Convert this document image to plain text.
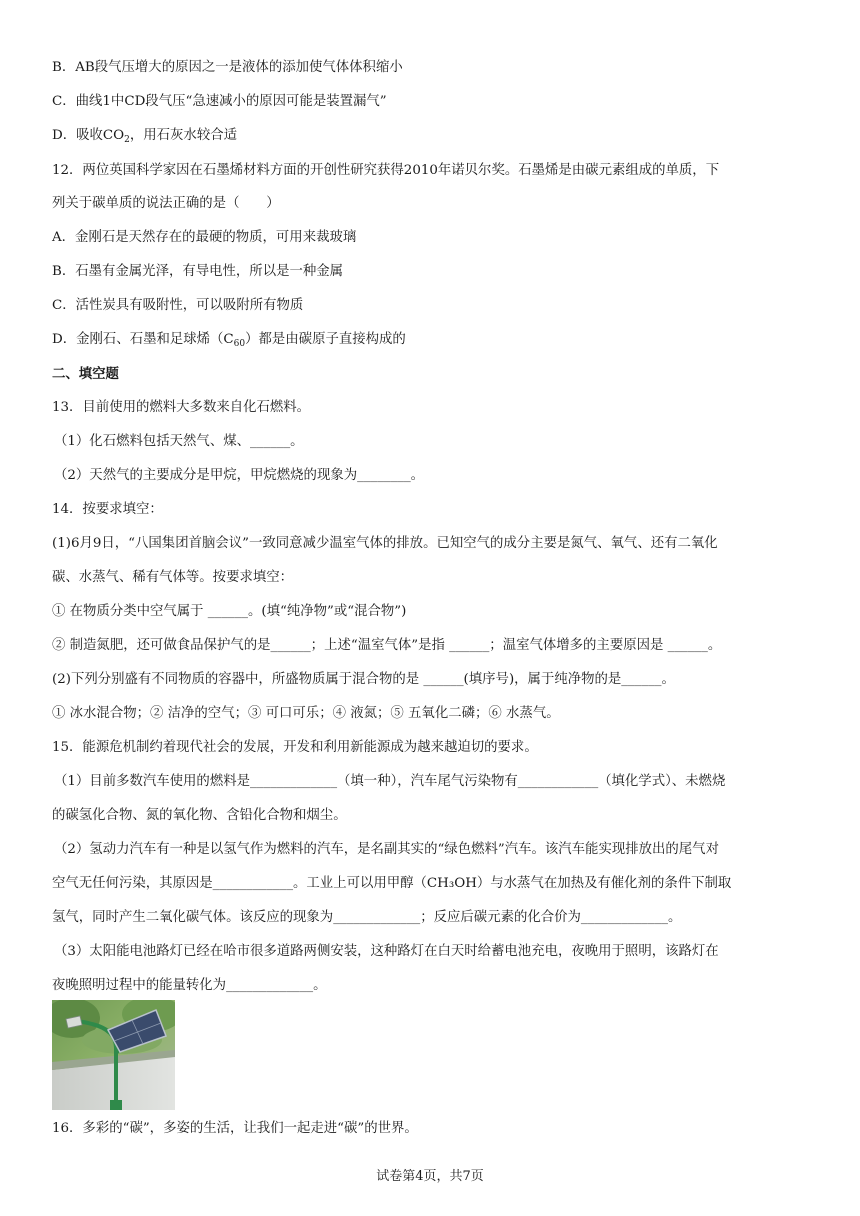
B．AB段气压增大的原因之一是液体的添加使气体体积缩小
C．曲线1中CD段气压“急速减小的原因可能是装置漏气”
D．吸收$CO_2$，用石灰水较合适
12．两位英国科学家因在石墨烯材料方面的开创性研究获得2010年诺贝尔奖。石墨烯是由碳元素组成的单质，下
列关于碳单质的说法正确的是（　　）
A．金刚石是天然存在的最硬的物质，可用来裁玻璃
B．石墨有金属光泽，有导电性，所以是一种金属
C．活性炭具有吸附性，可以吸附所有物质
D．金刚石、石墨和足球烯$(C_{60})$都是由碳原子直接构成的
二、填空题
13．目前使用的燃料大多数来自化石燃料。
（1）化石燃料包括天然气、煤、______。
（2）天然气的主要成分是甲烷，甲烷燃烧的现象为________。
14．按要求填空：
(1)6月9日，“八国集团首脑会议”一致同意减少温室气体的排放。已知空气的成分主要是氮气、氧气、还有二氧化
碳、水蒸气、稀有气体等。按要求填空：
① 在物质分类中空气属于 ______。(填“纯净物”或“混合物”)
② 制造氮肥，还可做食品保护气的是______；上述“温室气体”是指 ______；温室气体增多的主要原因是 ______。
(2)下列分别盛有不同物质的容器中，所盛物质属于混合物的是 ______(填序号)，属于纯净物的是______。
① 冰水混合物；② 洁净的空气；③ 可口可乐；④ 液氮；⑤ 五氧化二磷；⑥ 水蒸气。
15．能源危机制约着现代社会的发展，开发和利用新能源成为越来越迫切的要求。
（1）目前多数汽车使用的燃料是_____________（填一种），汽车尾气污染物有____________（填化学式）、未燃烧
的碳氢化合物、氮的氧化物、含铅化合物和烟尘。
（2）氢动力汽车有一种是以氢气作为燃料的汽车，是名副其实的“绿色燃料”汽车。该汽车能实现排放出的尾气对
空气无任何污染，其原因是____________。工业上可以用甲醇（CH₃OH）与水蒸气在加热及有催化剂的条件下制取
氢气，同时产生二氧化碳气体。该反应的现象为_____________；反应后碳元素的化合价为_____________。
（3）太阳能电池路灯已经在哈市很多道路两侧安装，这种路灯在白天时给蓄电池充电，夜晚用于照明，该路灯在
夜晚照明过程中的能量转化为_____________。
16．多彩的“碳”，多姿的生活，让我们一起走进“碳”的世界。
试卷第4页，共7页
